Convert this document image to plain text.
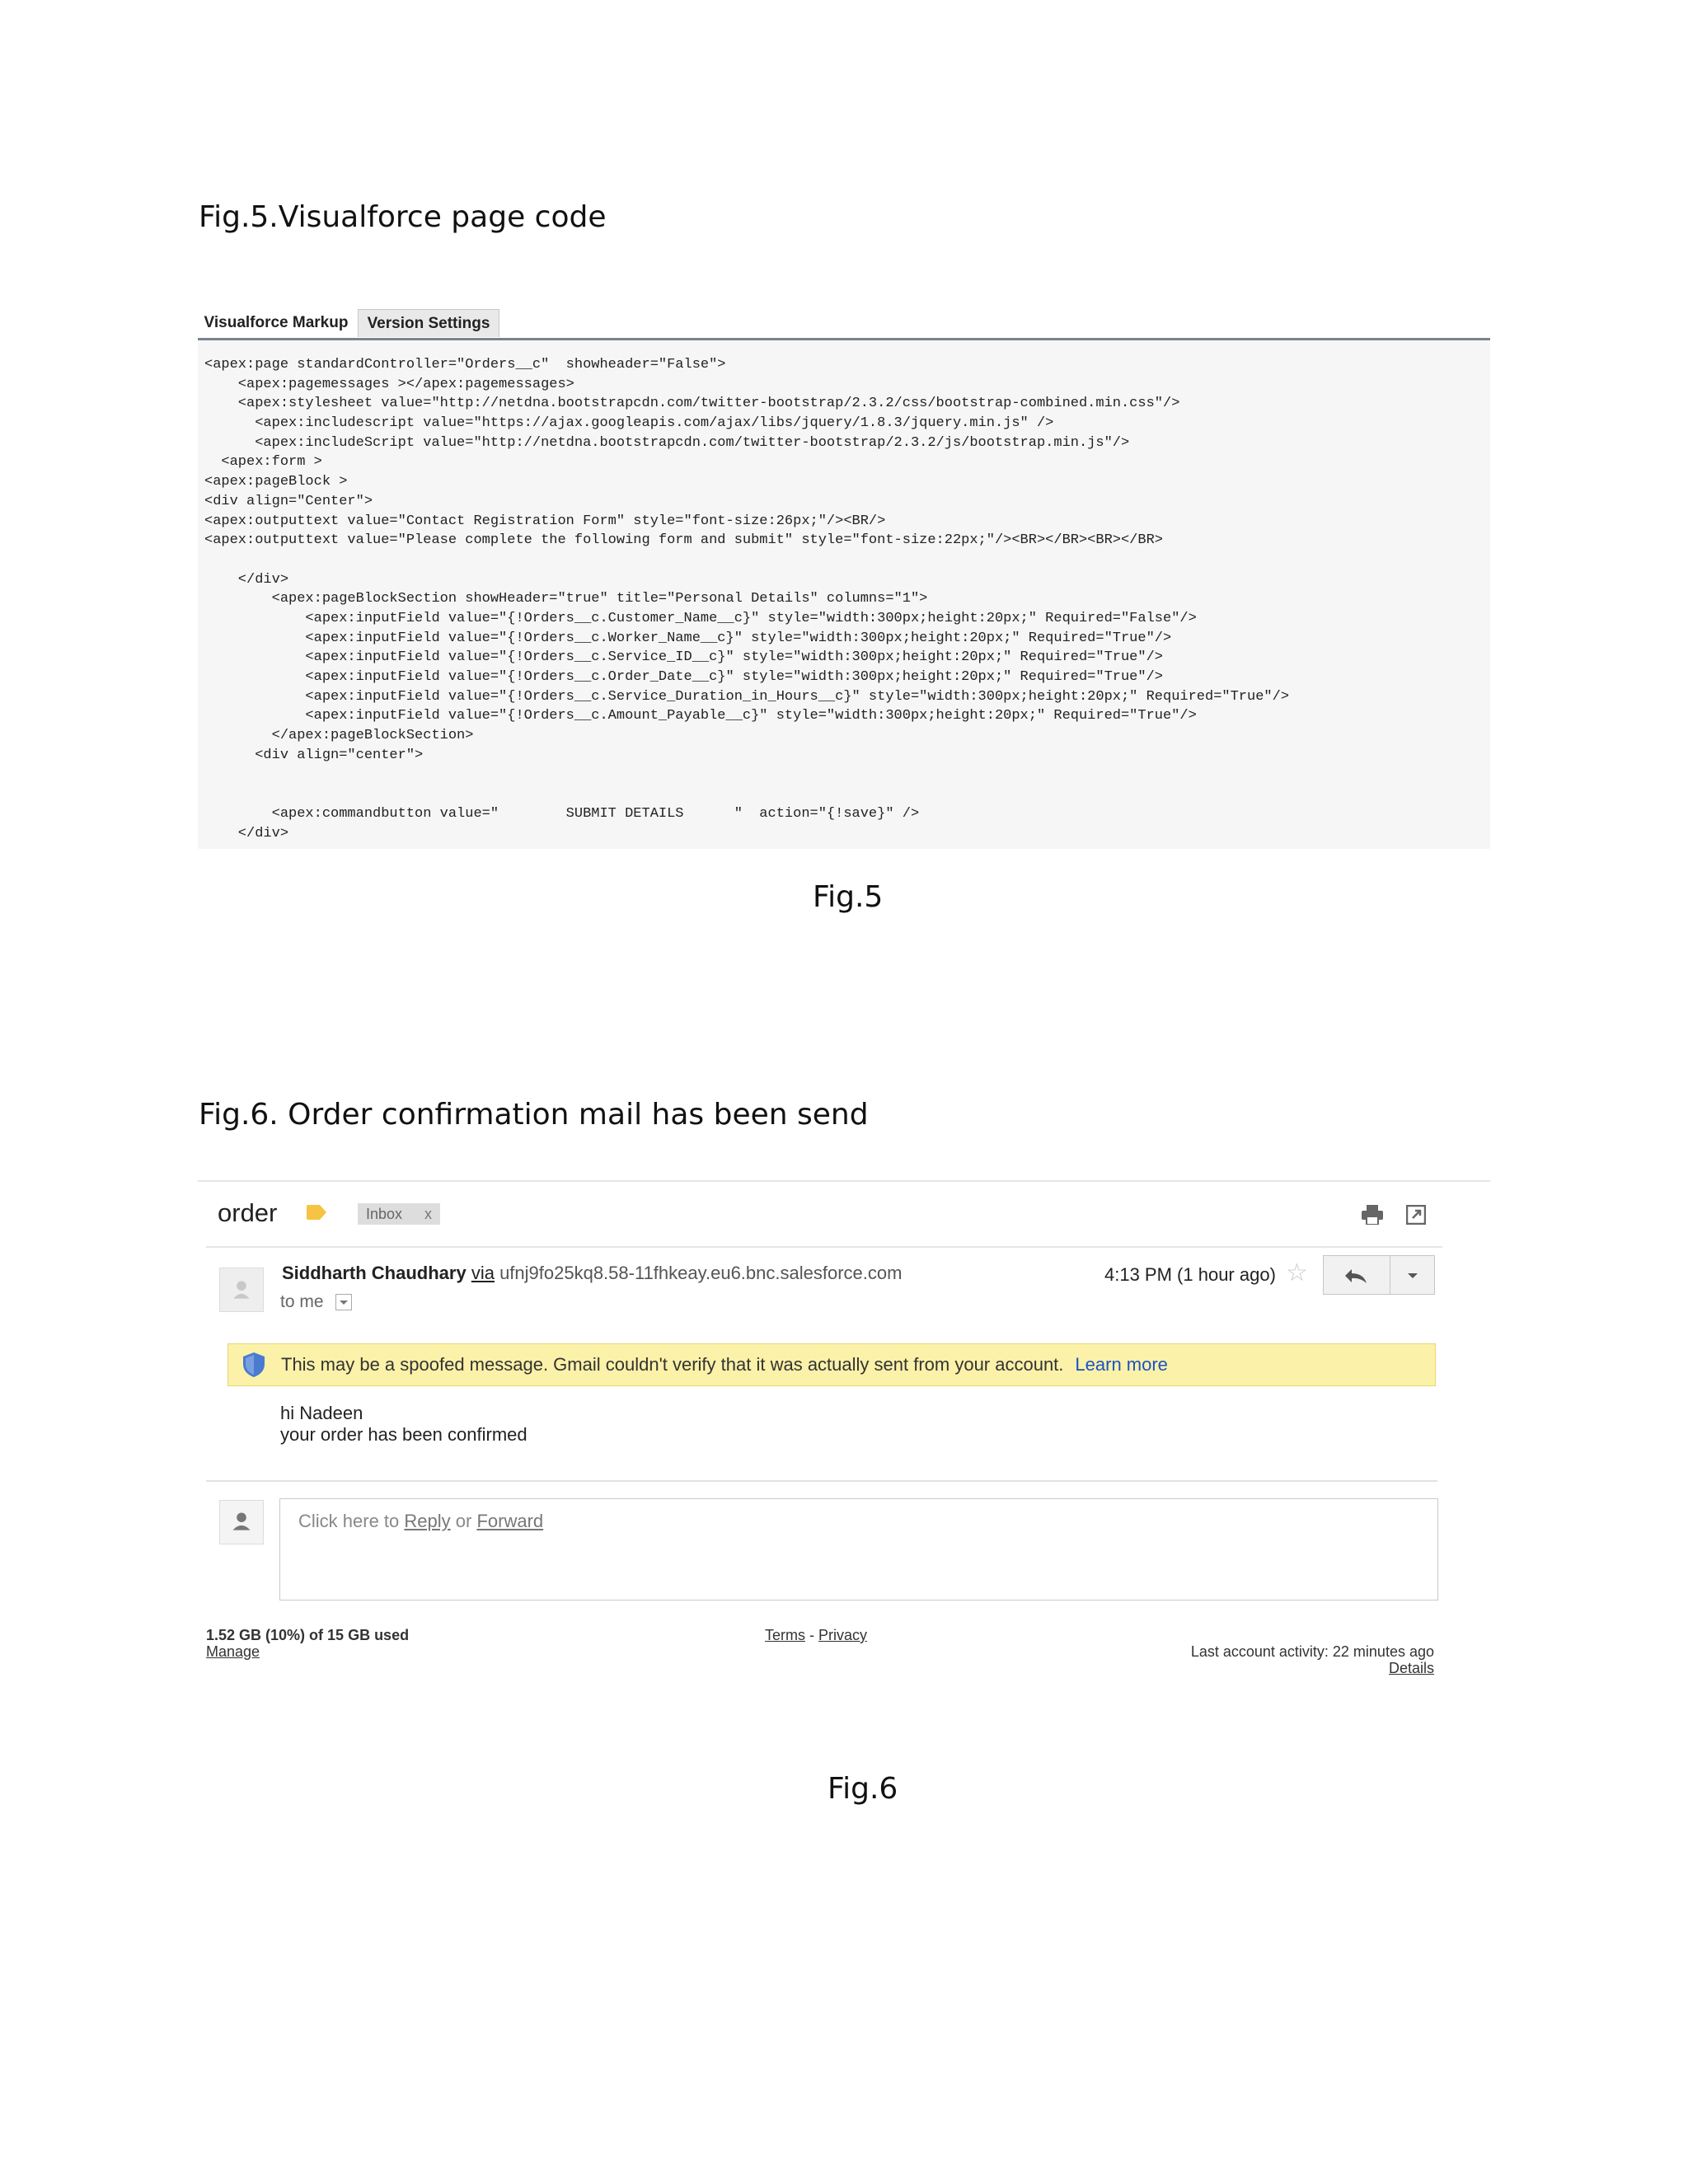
Fig.5.Visualforce page code
Visualforce Markup	Version Settings
<apex:page standardController="Orders__c"  showheader="False">
<apex:pagemessages ></apex:pagemessages>
<apex:stylesheet value="http://netdna.bootstrapcdn.com/twitter-bootstrap/2.3.2/css/bootstrap-combined.min.css"/>
<apex:includescript value="https://ajax.googleapis.com/ajax/libs/jquery/1.8.3/jquery.min.js" />
<apex:includeScript value="http://netdna.bootstrapcdn.com/twitter-bootstrap/2.3.2/js/bootstrap.min.js"/>
<apex:form >
<apex:pageBlock >
<div align="Center">
<apex:outputtext value="Contact Registration Form" style="font-size:26px;"/><BR/>
<apex:outputtext value="Please complete the following form and submit" style="font-size:22px;"/><BR></BR><BR></BR>
</div>
<apex:pageBlockSection showHeader="true" title="Personal Details" columns="1">
<apex:inputField value="{!Orders__c.Customer_Name__c}" style="width:300px;height:20px;" Required="False"/>
<apex:inputField value="{!Orders__c.Worker_Name__c}" style="width:300px;height:20px;" Required="True"/>
<apex:inputField value="{!Orders__c.Service_ID__c}" style="width:300px;height:20px;" Required="True"/>
<apex:inputField value="{!Orders__c.Order_Date__c}" style="width:300px;height:20px;" Required="True"/>
<apex:inputField value="{!Orders__c.Service_Duration_in_Hours__c}" style="width:300px;height:20px;" Required="True"/>
<apex:inputField value="{!Orders__c.Amount_Payable__c}" style="width:300px;height:20px;" Required="True"/>
</apex:pageBlockSection>
<div align="center">
<apex:commandbutton value="        SUBMIT DETAILS      "  action="{!save}" />
</div>
Fig.5
Fig.6. Order confirmation mail has been send
order	Inbox x
Siddharth Chaudhary via ufnj9fo25kq8.58-11fhkeay.eu6.bnc.salesforce.com
to me
4:13 PM (1 hour ago) ☆
This may be a spoofed message. Gmail couldn't verify that it was actually sent from your account. Learn more
hi Nadeen
your order has been confirmed
Click here to Reply or Forward
1.52 GB (10%) of 15 GB used
Manage
Terms - Privacy
Last account activity: 22 minutes ago
Details
Fig.6
